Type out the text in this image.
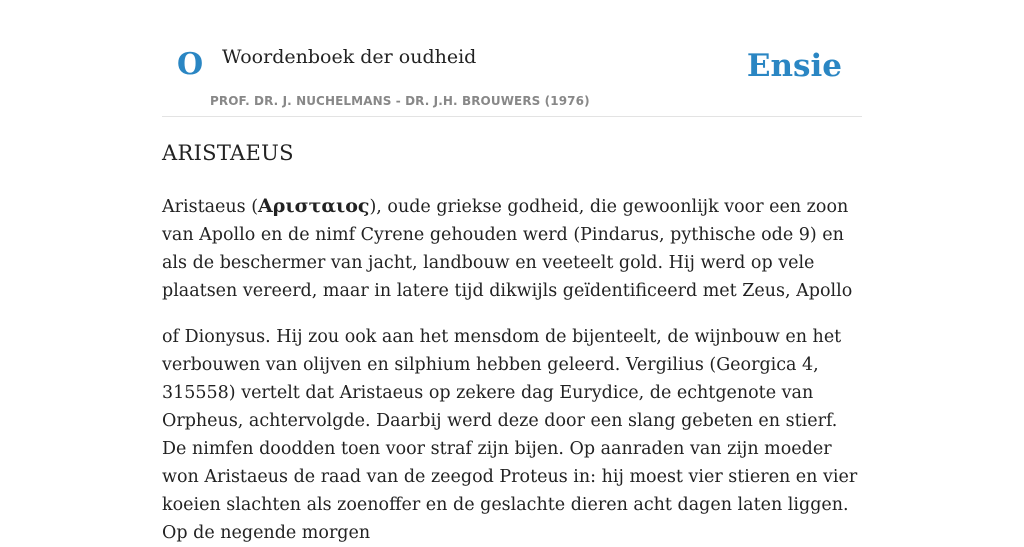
O Woordenboek der oudheid	Ensie
PROF. DR. J. NUCHELMANS - DR. J.H. BROUWERS (1976)
ARISTAEUS

Aristaeus (Αρισταιος), oude griekse godheid, die gewoonlijk voor een zoon van Apollo en de nimf Cyrene gehouden werd (Pindarus, pythische ode 9) en als de beschermer van jacht, landbouw en veeteelt gold. Hij werd op vele plaatsen vereerd, maar in latere tijd dikwijls geïdentificeerd met Zeus, Apollo

of Dionysus. Hij zou ook aan het mensdom de bijenteelt, de wijnbouw en het verbouwen van olijven en silphium hebben geleerd. Vergilius (Georgica 4, 315558) vertelt dat Aristaeus op zekere dag Eurydice, de echtgenote van Orpheus, achtervolgde. Daarbij werd deze door een slang gebeten en stierf. De nimfen doodden toen voor straf zijn bijen. Op aanraden van zijn moeder won Aristaeus de raad van de zeegod Proteus in: hij moest vier stieren en vier koeien slachten als zoenoffer en de geslachte dieren acht dagen laten liggen. Op de negende morgen
